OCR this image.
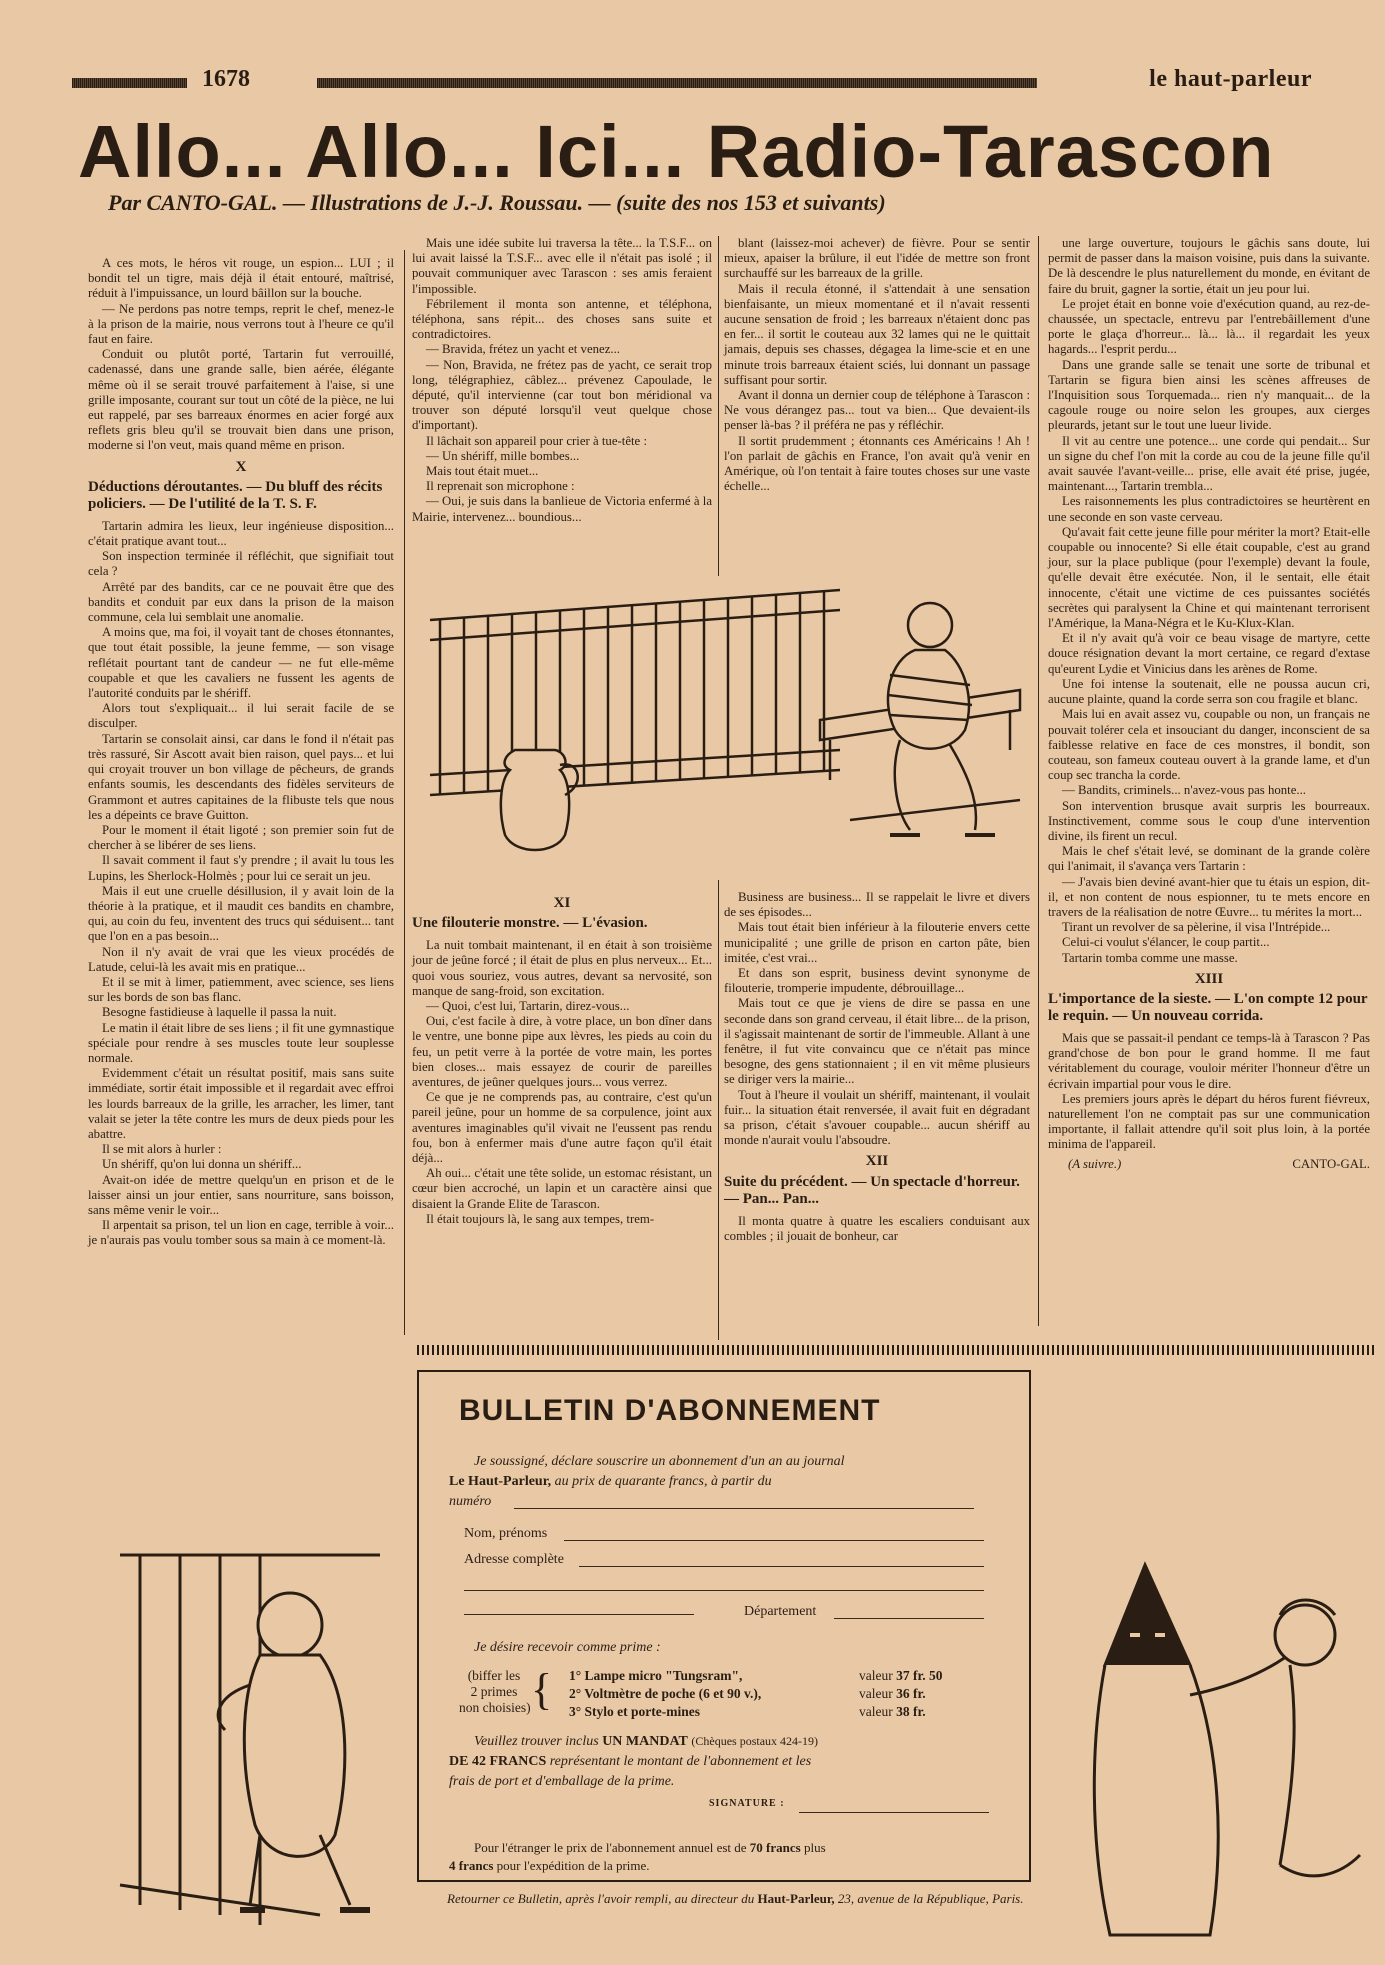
1678	le haut-parleur
Allo... Allo... Ici... Radio-Tarascon
Par CANTO-GAL. — Illustrations de J.-J. Roussau. — (suite des nos 153 et suivants)

A ces mots, le héros vit rouge, un espion... LUI ; il bondit tel un tigre, mais déjà il était entouré, maîtrisé, réduit à l'impuissance, un lourd bâillon sur la bouche.

— Ne perdons pas notre temps, reprit le chef, menez-le à la prison de la mairie, nous verrons tout à l'heure ce qu'il faut en faire.

Conduit ou plutôt porté, Tartarin fut verrouillé, cadenassé, dans une grande salle, bien aérée, élégante même où il se serait trouvé parfaitement à l'aise, si une grille imposante, courant sur tout un côté de la pièce, ne lui eut rappelé, par ses barreaux énormes en acier forgé aux reflets gris bleu qu'il se trouvait bien dans une prison, moderne si l'on veut, mais quand même en prison.

X
Déductions déroutantes. — Du bluff des récits policiers. — De l'utilité de la T. S. F.

Tartarin admira les lieux, leur ingénieuse disposition... c'était pratique avant tout...

Son inspection terminée il réfléchit, que signifiait tout cela ?

Arrêté par des bandits, car ce ne pouvait être que des bandits et conduit par eux dans la prison de la maison commune, cela lui semblait une anomalie.

A moins que, ma foi, il voyait tant de choses étonnantes, que tout était possible, la jeune femme, — son visage reflétait pourtant tant de candeur — ne fut elle-même coupable et que les cavaliers ne fussent les agents de l'autorité conduits par le shériff.

Alors tout s'expliquait... il lui serait facile de se disculper.

Tartarin se consolait ainsi, car dans le fond il n'était pas très rassuré, Sir Ascott avait bien raison, quel pays... et lui qui croyait trouver un bon village de pêcheurs, de grands enfants soumis, les descendants des fidèles serviteurs de Grammont et autres capitaines de la flibuste tels que nous les a dépeints ce brave Guitton.

Pour le moment il était ligoté ; son premier soin fut de chercher à se libérer de ses liens.

Il savait comment il faut s'y prendre ; il avait lu tous les Lupins, les Sherlock-Holmès ; pour lui ce serait un jeu.

Mais il eut une cruelle désillusion, il y avait loin de la théorie à la pratique, et il maudit ces bandits en chambre, qui, au coin du feu, inventent des trucs qui séduisent... tant que l'on en a pas besoin...

Non il n'y avait de vrai que les vieux procédés de Latude, celui-là les avait mis en pratique...

Et il se mit à limer, patiemment, avec science, ses liens sur les bords de son bas flanc.

Besogne fastidieuse à laquelle il passa la nuit.

Le matin il était libre de ses liens ; il fit une gymnastique spéciale pour rendre à ses muscles toute leur souplesse normale.

Evidemment c'était un résultat positif, mais sans suite immédiate, sortir était impossible et il regardait avec effroi les lourds barreaux de la grille, les arracher, les limer, tant valait se jeter la tête contre les murs de deux pieds pour les abattre.

Il se mit alors à hurler :

Un shériff, qu'on lui donna un shériff...

Avait-on idée de mettre quelqu'un en prison et de le laisser ainsi un jour entier, sans nourriture, sans boisson, sans même venir le voir...

Il arpentait sa prison, tel un lion en cage, terrible à voir... je n'aurais pas voulu tomber sous sa main à ce moment-là.

Mais une idée subite lui traversa la tête... la T.S.F... on lui avait laissé la T.S.F... avec elle il n'était pas isolé ; il pouvait communiquer avec Tarascon : ses amis feraient l'impossible.

Fébrilement il monta son antenne, et téléphona, téléphona, sans répit... des choses sans suite et contradictoires.

— Bravida, frétez un yacht et venez...

— Non, Bravida, ne frétez pas de yacht, ce serait trop long, télégraphiez, câblez... prévenez Capoulade, le député, qu'il intervienne (car tout bon méridional va trouver son député lorsqu'il veut quelque chose d'important).

Il lâchait son appareil pour crier à tue-tête :

— Un shériff, mille bombes...

Mais tout était muet...

Il reprenait son microphone :

— Oui, je suis dans la banlieue de Victoria enfermé à la Mairie, intervenez... boundious...

blant (laissez-moi achever) de fièvre. Pour se sentir mieux, apaiser la brûlure, il eut l'idée de mettre son front surchauffé sur les barreaux de la grille.

Mais il recula étonné, il s'attendait à une sensation bienfaisante, un mieux momentané et il n'avait ressenti aucune sensation de froid ; les barreaux n'étaient donc pas en fer... il sortit le couteau aux 32 lames qui ne le quittait jamais, depuis ses chasses, dégagea la lime-scie et en une minute trois barreaux étaient sciés, lui donnant un passage suffisant pour sortir.

Avant il donna un dernier coup de téléphone à Tarascon : Ne vous dérangez pas... tout va bien... Que devaient-ils penser là-bas ? il préféra ne pas y réfléchir.

Il sortit prudemment ; étonnants ces Américains ! Ah ! l'on parlait de gâchis en France, l'on avait qu'à venir en Amérique, où l'on tentait à faire toutes choses sur une vaste échelle...

une large ouverture, toujours le gâchis sans doute, lui permit de passer dans la maison voisine, puis dans la suivante. De là descendre le plus naturellement du monde, en évitant de faire du bruit, gagner la sortie, était un jeu pour lui.

Le projet était en bonne voie d'exécution quand, au rez-de-chaussée, un spectacle, entrevu par l'entrebâillement d'une porte le glaça d'horreur... là... là... il regardait les yeux hagards... l'esprit perdu...

Dans une grande salle se tenait une sorte de tribunal et Tartarin se figura bien ainsi les scènes affreuses de l'Inquisition sous Torquemada... rien n'y manquait... de la cagoule rouge ou noire selon les groupes, aux cierges pleurards, jetant sur le tout une lueur livide.

Il vit au centre une potence... une corde qui pendait... Sur un signe du chef l'on mit la corde au cou de la jeune fille qu'il avait sauvée l'avant-veille... prise, elle avait été prise, jugée, maintenant..., Tartarin trembla...

Les raisonnements les plus contradictoires se heurtèrent en une seconde en son vaste cerveau.

Qu'avait fait cette jeune fille pour mériter la mort? Etait-elle coupable ou innocente? Si elle était coupable, c'est au grand jour, sur la place publique (pour l'exemple) devant la foule, qu'elle devait être exécutée. Non, il le sentait, elle était innocente, c'était une victime de ces puissantes sociétés secrètes qui paralysent la Chine et qui maintenant terrorisent l'Amérique, la Mana-Négra et le Ku-Klux-Klan.

Et il n'y avait qu'à voir ce beau visage de martyre, cette douce résignation devant la mort certaine, ce regard d'extase qu'eurent Lydie et Vinicius dans les arènes de Rome.

Une foi intense la soutenait, elle ne poussa aucun cri, aucune plainte, quand la corde serra son cou fragile et blanc.

Mais lui en avait assez vu, coupable ou non, un français ne pouvait tolérer cela et insouciant du danger, inconscient de sa faiblesse relative en face de ces monstres, il bondit, son couteau, son fameux couteau ouvert à la grande lame, et d'un coup sec trancha la corde.

— Bandits, criminels... n'avez-vous pas honte...

Son intervention brusque avait surpris les bourreaux. Instinctivement, comme sous le coup d'une intervention divine, ils firent un recul.

Mais le chef s'était levé, se dominant de la grande colère qui l'animait, il s'avança vers Tartarin :

— J'avais bien deviné avant-hier que tu étais un espion, dit-il, et non content de nous espionner, tu te mets encore en travers de la réalisation de notre Œuvre... tu mérites la mort...

Tirant un revolver de sa pèlerine, il visa l'Intrépide...

Celui-ci voulut s'élancer, le coup partit...

Tartarin tomba comme une masse.

XIII
L'importance de la sieste. — L'on compte 12 pour le requin. — Un nouveau corrida.

Mais que se passait-il pendant ce temps-là à Tarascon ? Pas grand'chose de bon pour le grand homme. Il me faut véritablement du courage, vouloir mériter l'honneur d'être un écrivain impartial pour vous le dire.

Les premiers jours après le départ du héros furent fiévreux, naturellement l'on ne comptait pas sur une communication importante, il fallait attendre qu'il soit plus loin, à la portée minima de l'appareil.

(A suivre.)	CANTO-GAL.
XI
Une filouterie monstre. — L'évasion.

La nuit tombait maintenant, il en était à son troisième jour de jeûne forcé ; il était de plus en plus nerveux... Et... quoi vous souriez, vous autres, devant sa nervosité, son manque de sang-froid, son excitation.

— Quoi, c'est lui, Tartarin, direz-vous...

Oui, c'est facile à dire, à votre place, un bon dîner dans le ventre, une bonne pipe aux lèvres, les pieds au coin du feu, un petit verre à la portée de votre main, les portes bien closes... mais essayez de courir de pareilles aventures, de jeûner quelques jours... vous verrez.

Ce que je ne comprends pas, au contraire, c'est qu'un pareil jeûne, pour un homme de sa corpulence, joint aux aventures imaginables qu'il vivait ne l'eussent pas rendu fou, bon à enfermer mais d'une autre façon qu'il était déjà...

Ah oui... c'était une tête solide, un estomac résistant, un cœur bien accroché, un lapin et un caractère ainsi que disaient la Grande Elite de Tarascon.

Il était toujours là, le sang aux tempes, trem-

Business are business... Il se rappelait le livre et divers de ses épisodes...

Mais tout était bien inférieur à la filouterie envers cette municipalité ; une grille de prison en carton pâte, bien imitée, c'est vrai...

Et dans son esprit, business devint synonyme de filouterie, tromperie impudente, débrouillage...

Mais tout ce que je viens de dire se passa en une seconde dans son grand cerveau, il était libre... de la prison, il s'agissait maintenant de sortir de l'immeuble. Allant à une fenêtre, il fut vite convaincu que ce n'était pas mince besogne, des gens stationnaient ; il en vit même plusieurs se diriger vers la mairie...

Tout à l'heure il voulait un shériff, maintenant, il voulait fuir... la situation était renversée, il avait fuit en dégradant sa prison, c'était s'avouer coupable... aucun shériff au monde n'aurait voulu l'absoudre.

XII
Suite du précédent. — Un spectacle d'horreur. — Pan... Pan...

Il monta quatre à quatre les escaliers conduisant aux combles ; il jouait de bonheur, car

BULLETIN D'ABONNEMENT
Je soussigné, déclare souscrire un abonnement d'un an au journal
Le Haut-Parleur, au prix de quarante francs, à partir du
numéro
Nom, prénoms
Adresse complète
Département
Je désire recevoir comme prime :
(biffer les
2 primes
non choisies) { 1° Lampe micro "Tungsram",
2° Voltmètre de poche (6 et 90 v.),
3° Stylo et porte-mines
valeur 37 fr. 50
valeur 36 fr.
valeur 38 fr.
Veuillez trouver inclus UN MANDAT (Chèques postaux 424-19)
DE 42 FRANCS représentant le montant de l'abonnement et les
frais de port et d'emballage de la prime.
SIGNATURE :
Pour l'étranger le prix de l'abonnement annuel est de 70 francs plus
4 francs pour l'expédition de la prime.
Retourner ce Bulletin, après l'avoir rempli, au directeur du Haut-Parleur, 23, avenue de la République, Paris.
